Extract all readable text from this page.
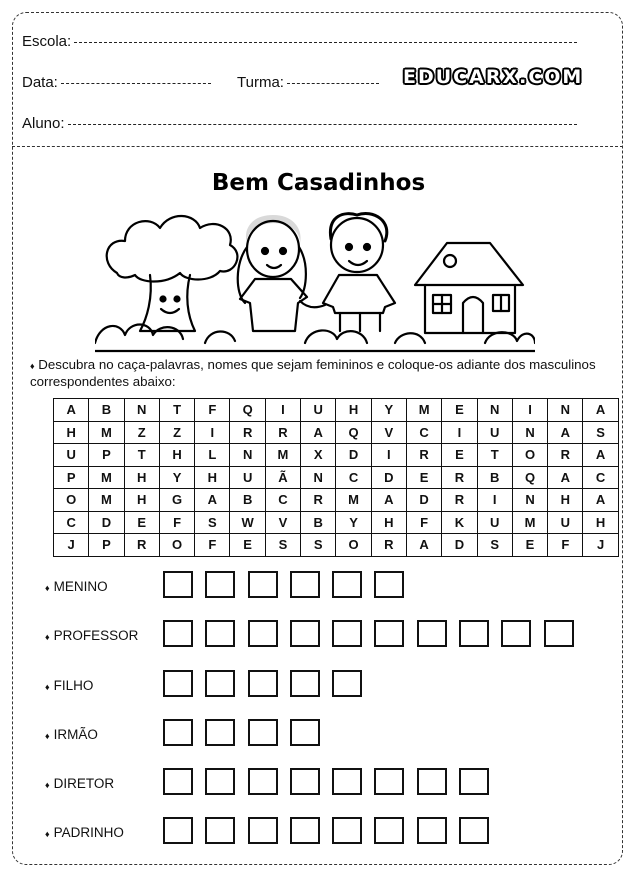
Escola:
Data:	Turma:	EDUCARX.COM
Aluno:
Bem Casadinhos
♦ Descubra no caça-palavras, nomes que sejam femininos e coloque-os adiante dos masculinos correspondentes abaixo:
A	B	N	T	F	Q	I	U	H	Y	M	E	N	I	N	A
H	M	Z	Z	I	R	R	A	Q	V	C	I	U	N	A	S
U	P	T	H	L	N	M	X	D	I	R	E	T	O	R	A
P	M	H	Y	H	U	Ã	N	C	D	E	R	B	Q	A	C
O	M	H	G	A	B	C	R	M	A	D	R	I	N	H	A
C	D	E	F	S	W	V	B	Y	H	F	K	U	M	U	H
J	P	R	O	F	E	S	S	O	R	A	D	S	E	F	J
♦ MENINO
♦ PROFESSOR
♦ FILHO
♦ IRMÃO
♦ DIRETOR
♦ PADRINHO
